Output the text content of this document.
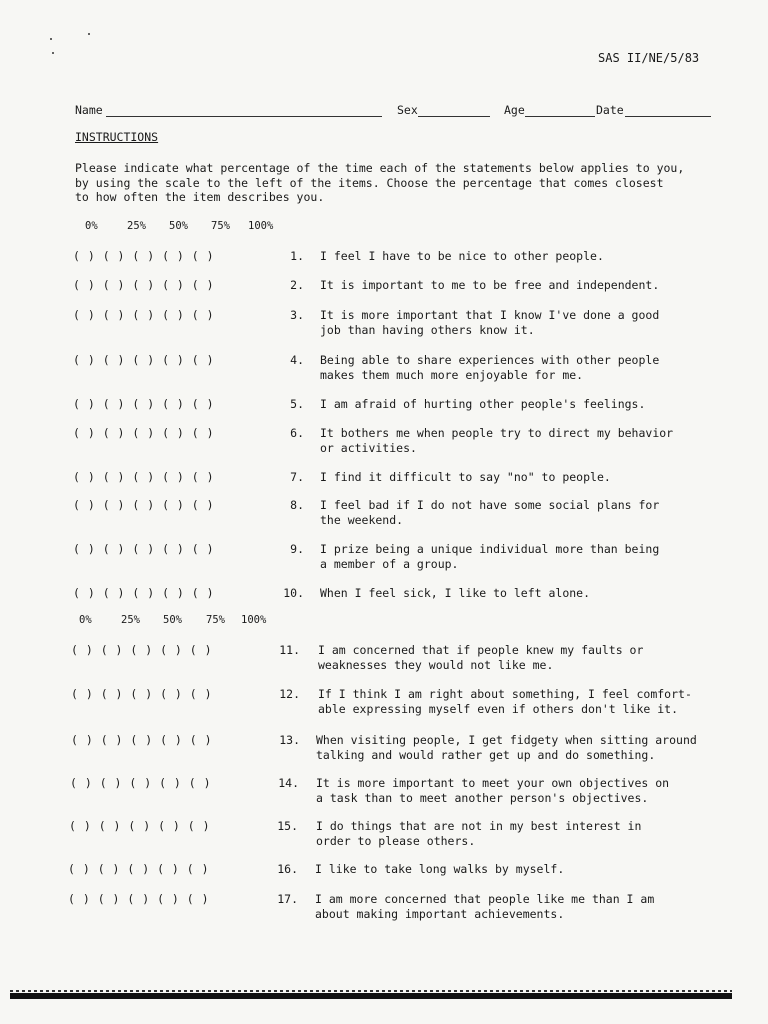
SAS II/NE/5/83
Name	Sex	Age	Date
INSTRUCTIONS
Please indicate what percentage of the time each of the statements below applies to you,
by using the scale to the left of the items. Choose the percentage that comes closest
to how often the item describes you.
0%	25% 50% 75% 100%
( ) ( ) ( ) ( ) ( )	1. I feel I have to be nice to other people.
( ) ( ) ( ) ( ) ( )	2. It is important to me to be free and independent.
( ) ( ) ( ) ( ) ( )	3. It is more important that I know I've done a good
job than having others know it.
( ) ( ) ( ) ( ) ( )	4. Being able to share experiences with other people
makes them much more enjoyable for me.
( ) ( ) ( ) ( ) ( )	5. I am afraid of hurting other people's feelings.
( ) ( ) ( ) ( ) ( )	6. It bothers me when people try to direct my behavior
or activities.
( ) ( ) ( ) ( ) ( )	7. I find it difficult to say "no" to people.
( ) ( ) ( ) ( ) ( )	8. I feel bad if I do not have some social plans for
the weekend.
( ) ( ) ( ) ( ) ( )	9. I prize being a unique individual more than being
a member of a group.
( ) ( ) ( ) ( ) ( )	10. When I feel sick, I like to left alone.
0%	25% 50% 75% 100%
( ) ( ) ( ) ( ) ( )	11. I am concerned that if people knew my faults or
weaknesses they would not like me.
( ) ( ) ( ) ( ) ( )	12. If I think I am right about something, I feel comfort-
able expressing myself even if others don't like it.
( ) ( ) ( ) ( ) ( )	13. When visiting people, I get fidgety when sitting around
talking and would rather get up and do something.
( ) ( ) ( ) ( ) ( )	14. It is more important to meet your own objectives on
a task than to meet another person's objectives.
( ) ( ) ( ) ( ) ( )	15. I do things that are not in my best interest in
order to please others.
( ) ( ) ( ) ( ) ( )	16. I like to take long walks by myself.
( ) ( ) ( ) ( ) ( )	17. I am more concerned that people like me than I am
about making important achievements.
